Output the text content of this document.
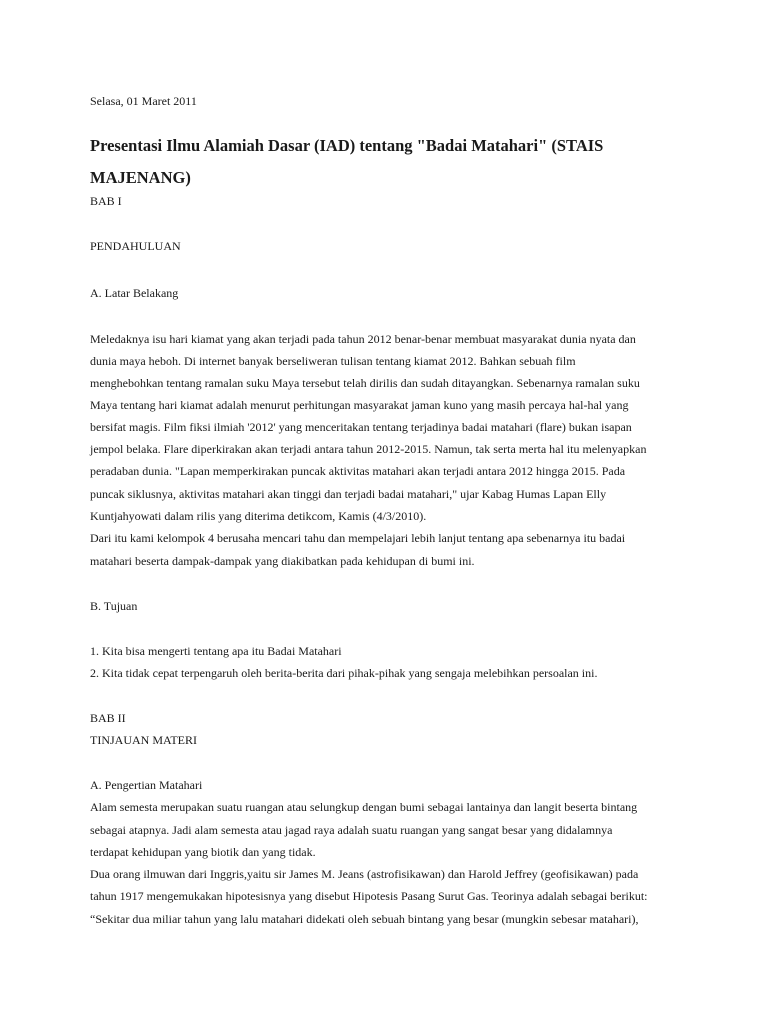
Selasa, 01 Maret 2011
Presentasi Ilmu Alamiah Dasar (IAD) tentang "Badai Matahari" (STAIS
MAJENANG)
BAB I
PENDAHULUAN
A. Latar Belakang
Meledaknya isu hari kiamat yang akan terjadi pada tahun 2012 benar-benar membuat masyarakat dunia nyata dan
dunia maya heboh. Di internet banyak berseliweran tulisan tentang kiamat 2012. Bahkan sebuah film
menghebohkan tentang ramalan suku Maya tersebut telah dirilis dan sudah ditayangkan. Sebenarnya ramalan suku
Maya tentang hari kiamat adalah menurut perhitungan masyarakat jaman kuno yang masih percaya hal-hal yang
bersifat magis. Film fiksi ilmiah '2012' yang menceritakan tentang terjadinya badai matahari (flare) bukan isapan
jempol belaka. Flare diperkirakan akan terjadi antara tahun 2012-2015. Namun, tak serta merta hal itu melenyapkan
peradaban dunia. "Lapan memperkirakan puncak aktivitas matahari akan terjadi antara 2012 hingga 2015. Pada
puncak siklusnya, aktivitas matahari akan tinggi dan terjadi badai matahari," ujar Kabag Humas Lapan Elly
Kuntjahyowati dalam rilis yang diterima detikcom, Kamis (4/3/2010).
Dari itu kami kelompok 4 berusaha mencari tahu dan mempelajari lebih lanjut tentang apa sebenarnya itu badai
matahari beserta dampak-dampak yang diakibatkan pada kehidupan di bumi ini.
B. Tujuan
1. Kita bisa mengerti tentang apa itu Badai Matahari
2. Kita tidak cepat terpengaruh oleh berita-berita dari pihak-pihak yang sengaja melebihkan persoalan ini.
BAB II
TINJAUAN MATERI
A. Pengertian Matahari
Alam semesta merupakan suatu ruangan atau selungkup dengan bumi sebagai lantainya dan langit beserta bintang
sebagai atapnya. Jadi alam semesta atau jagad raya adalah suatu ruangan yang sangat besar yang didalamnya
terdapat kehidupan yang biotik dan yang tidak.
Dua orang ilmuwan dari Inggris,yaitu sir James M. Jeans (astrofisikawan) dan Harold Jeffrey (geofisikawan) pada
tahun 1917 mengemukakan hipotesisnya yang disebut Hipotesis Pasang Surut Gas. Teorinya adalah sebagai berikut:
“Sekitar dua miliar tahun yang lalu matahari didekati oleh sebuah bintang yang besar (mungkin sebesar matahari),
